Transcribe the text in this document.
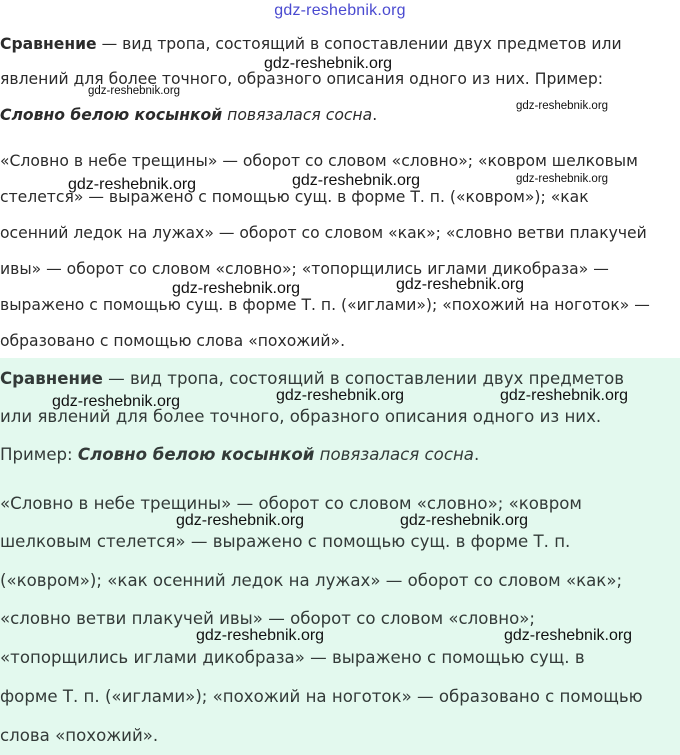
gdz-reshebnik.org
Сравнение — вид тропа, состоящий в сопоставлении двух предметов или
явлений для более точного, образного описания одного из них. Пример:
Словно белою косынкой повязалася сосна.
«Словно в небе трещины» — оборот со словом «словно»; «ковром шелковым
стелется» — выражено с помощью сущ. в форме Т. п. («ковром»); «как
осенний ледок на лужах» — оборот со словом «как»; «словно ветви плакучей
ивы» — оборот со словом «словно»; «топорщились иглами дикобраза» —
выражено с помощью сущ. в форме Т. п. («иглами»); «похожий на ноготок» —
образовано с помощью слова «похожий».
Сравнение — вид тропа, состоящий в сопоставлении двух предметов
или явлений для более точного, образного описания одного из них.
Пример: Словно белою косынкой повязалася сосна.
«Словно в небе трещины» — оборот со словом «словно»; «ковром
шелковым стелется» — выражено с помощью сущ. в форме Т. п.
(«ковром»); «как осенний ледок на лужах» — оборот со словом «как»;
«словно ветви плакучей ивы» — оборот со словом «словно»;
«топорщились иглами дикобраза» — выражено с помощью сущ. в
форме Т. п. («иглами»); «похожий на ноготок» — образовано с помощью
слова «похожий».
gdz-reshebnik.org
gdz-reshebnik.org
gdz-reshebnik.org
gdz-reshebnik.org	gdz-reshebnik.org	gdz-reshebnik.org
gdz-reshebnik.org	gdz-reshebnik.org
gdz-reshebnik.org	gdz-reshebnik.org	gdz-reshebnik.org
gdz-reshebnik.org	gdz-reshebnik.org
gdz-reshebnik.org	gdz-reshebnik.org
